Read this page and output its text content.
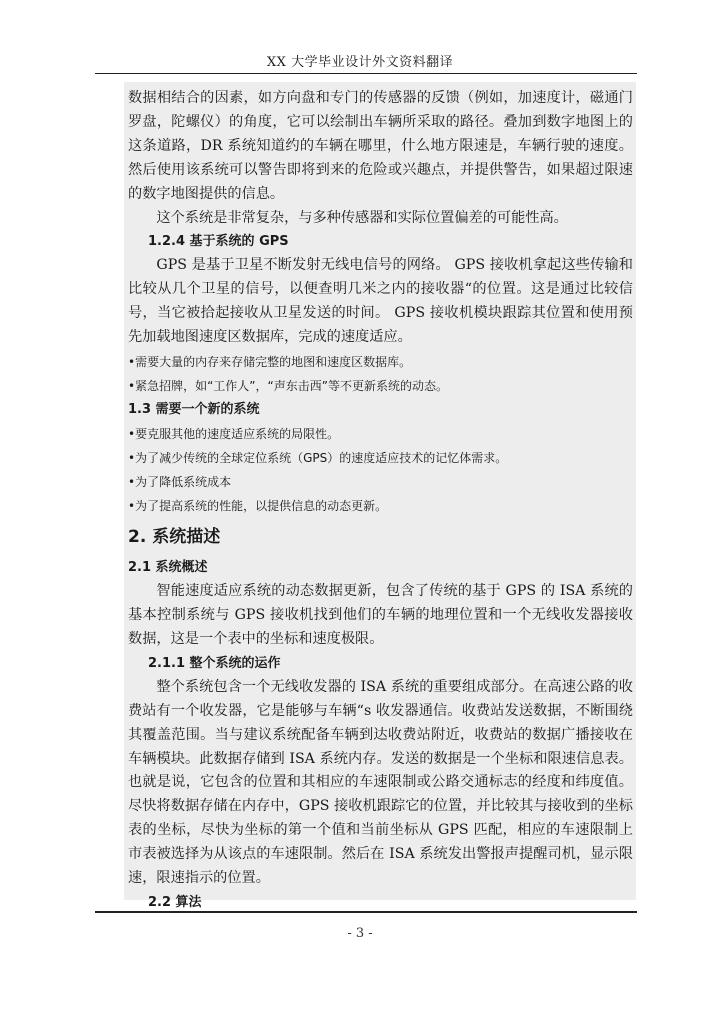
XX 大学毕业设计外文资料翻译

数据相结合的因素，如方向盘和专门的传感器的反馈（例如，加速度计，磁通门罗盘，陀螺仪）的角度，它可以绘制出车辆所采取的路径。叠加到数字地图上的这条道路，DR 系统知道约的车辆在哪里，什么地方限速是，车辆行驶的速度。然后使用该系统可以警告即将到来的危险或兴趣点，并提供警告，如果超过限速的数字地图提供的信息。

这个系统是非常复杂，与多种传感器和实际位置偏差的可能性高。

1.2.4 基于系统的 GPS

GPS 是基于卫星不断发射无线电信号的网络。 GPS 接收机拿起这些传输和比较从几个卫星的信号，以便查明几米之内的接收器“的位置。这是通过比较信号，当它被拾起接收从卫星发送的时间。 GPS 接收机模块跟踪其位置和使用预先加载地图速度区数据库，完成的速度适应。

•需要大量的内存来存储完整的地图和速度区数据库。

•紧急招牌，如“工作人”，“声东击西”等不更新系统的动态。

1.3 需要一个新的系统

•要克服其他的速度适应系统的局限性。

•为了减少传统的全球定位系统（GPS）的速度适应技术的记忆体需求。

•为了降低系统成本

•为了提高系统的性能，以提供信息的动态更新。

2. 系统描述

2.1 系统概述

智能速度适应系统的动态数据更新，包含了传统的基于 GPS 的 ISA 系统的基本控制系统与 GPS 接收机找到他们的车辆的地理位置和一个无线收发器接收数据，这是一个表中的坐标和速度极限。

2.1.1 整个系统的运作

整个系统包含一个无线收发器的 ISA 系统的重要组成部分。在高速公路的收费站有一个收发器，它是能够与车辆“s 收发器通信。收费站发送数据，不断围绕其覆盖范围。当与建议系统配备车辆到达收费站附近，收费站的数据广播接收在车辆模块。此数据存储到 ISA 系统内存。发送的数据是一个坐标和限速信息表。也就是说，它包含的位置和其相应的车速限制或公路交通标志的经度和纬度值。尽快将数据存储在内存中，GPS 接收机跟踪它的位置，并比较其与接收到的坐标表的坐标，尽快为坐标的第一个值和当前坐标从 GPS 匹配，相应的车速限制上市表被选择为从该点的车速限制。然后在 ISA 系统发出警报声提醒司机，显示限速，限速指示的位置。

2.2 算法

- 3 -
